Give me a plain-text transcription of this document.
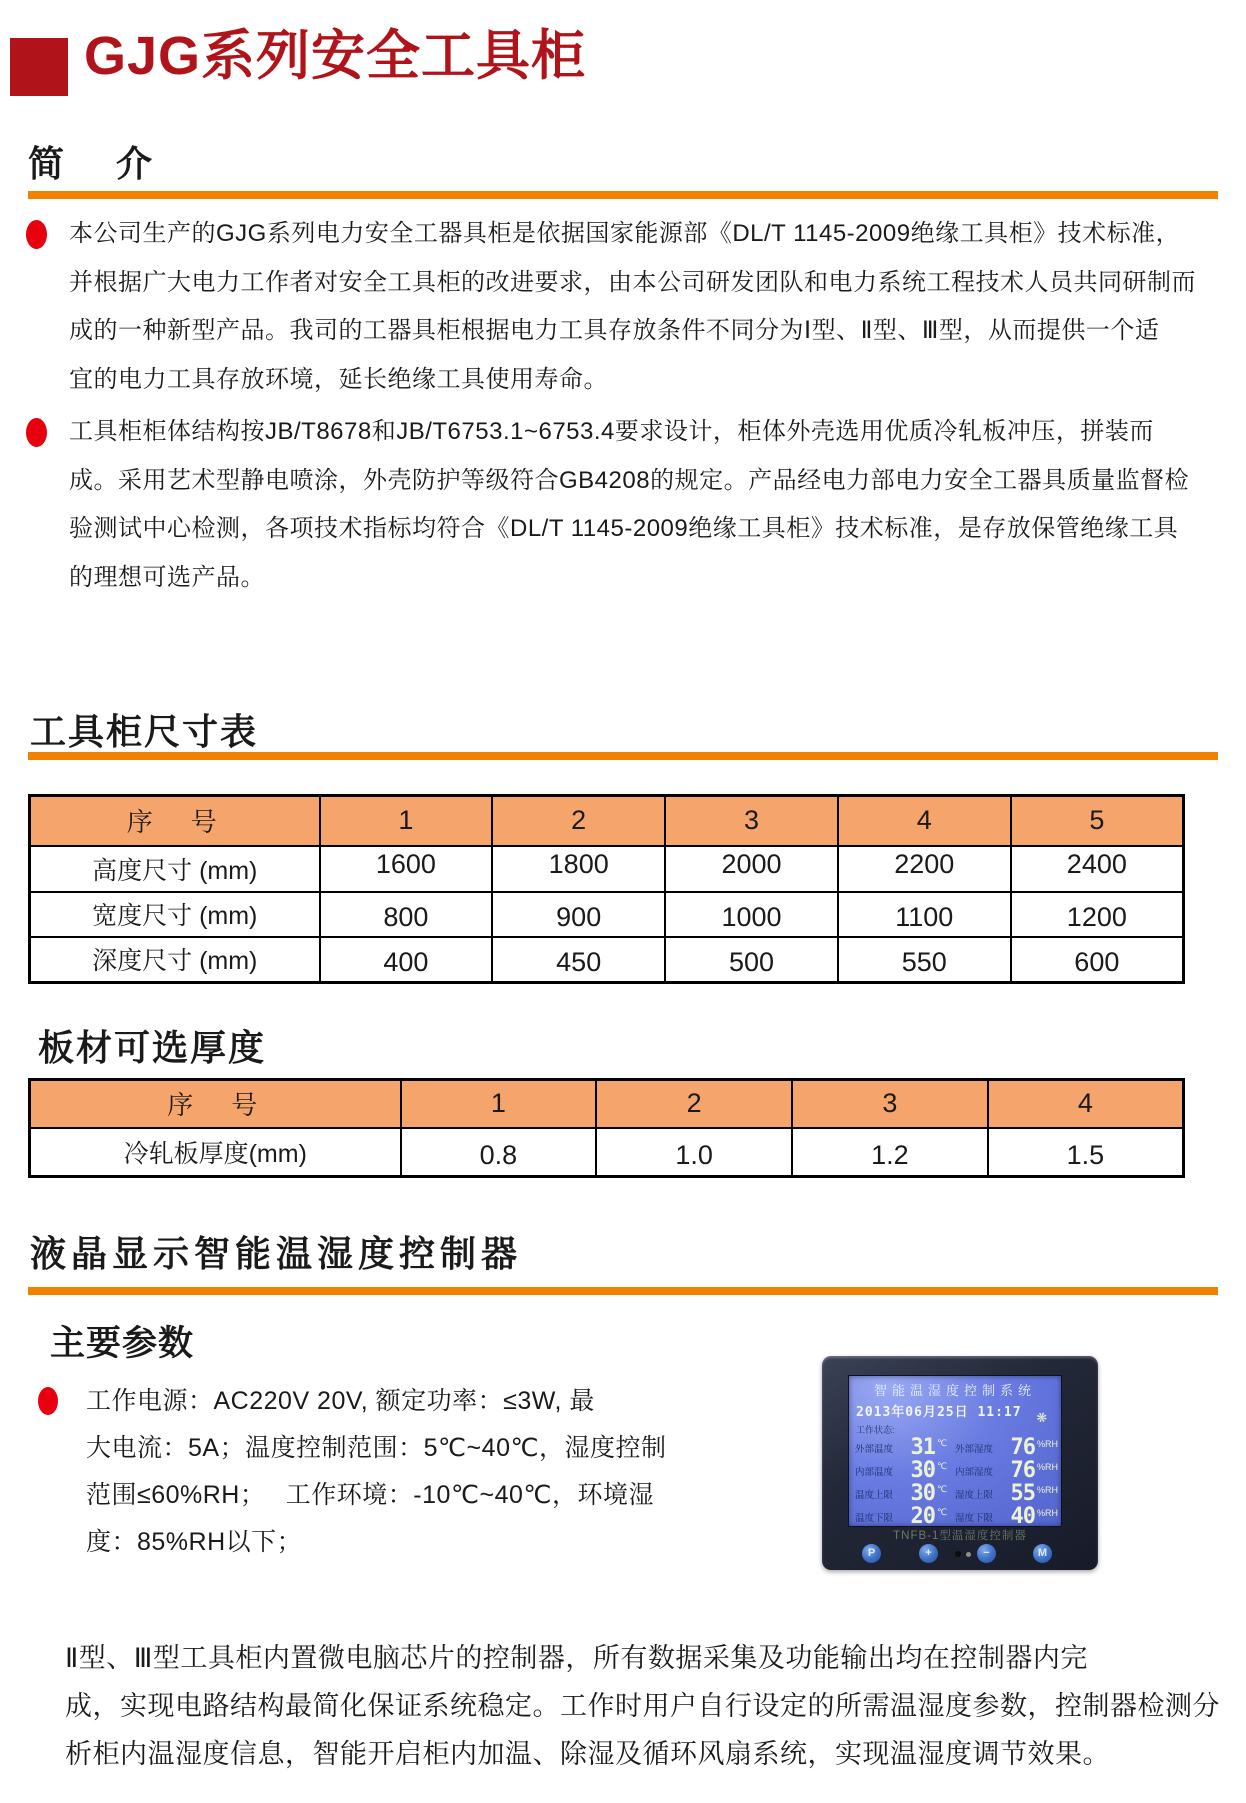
GJG系列安全工具柜
简　介
本公司生产的GJG系列电力安全工器具柜是依据国家能源部《DL/T 1145-2009绝缘工具柜》技术标准，
并根据广大电力工作者对安全工具柜的改进要求，由本公司研发团队和电力系统工程技术人员共同研制而
成的一种新型产品。我司的工器具柜根据电力工具存放条件不同分为Ⅰ型、Ⅱ型、Ⅲ型，从而提供一个适
宜的电力工具存放环境，延长绝缘工具使用寿命。
工具柜柜体结构按JB/T8678和JB/T6753.1~6753.4要求设计，柜体外壳选用优质冷轧板冲压，拼装而
成。采用艺术型静电喷涂，外壳防护等级符合GB4208的规定。产品经电力部电力安全工器具质量监督检
验测试中心检测，各项技术指标均符合《DL/T 1145-2009绝缘工具柜》技术标准，是存放保管绝缘工具
的理想可选产品。
工具柜尺寸表
序　号	1	2	3	4	5
高度尺寸 (mm)	1600	1800	2000	2200	2400
宽度尺寸 (mm)	800	900	1000	1100	1200
深度尺寸 (mm)	400	450	500	550	600
板材可选厚度
序　号	1	2	3	4
冷轧板厚度(mm)	0.8	1.0	1.2	1.5
液晶显示智能温湿度控制器
主要参数
工作电源：AC220V 20V, 额定功率：≤3W, 最
大电流：5A；温度控制范围：5℃~40℃，湿度控制
范围≤60%RH；　 工作环境：-10℃~40℃，环境湿
度：85%RH以下；
智能温湿度控制系统
2013年06月25日 11:17
工作状态:
❋
外部温度 31 ℃
外部湿度 76 %RH
内部温度 30 ℃
内部湿度 76 %RH
温度上限 30 ℃
湿度上限 55 %RH
温度下限 20 ℃
湿度下限 40 %RH
TNFB-1型温湿度控制器
P	+	−	M
Ⅱ型、Ⅲ型工具柜内置微电脑芯片的控制器，所有数据采集及功能输出均在控制器内完
成，实现电路结构最简化保证系统稳定。工作时用户自行设定的所需温湿度参数，控制器检测分
析柜内温湿度信息，智能开启柜内加温、除湿及循环风扇系统，实现温湿度调节效果。
